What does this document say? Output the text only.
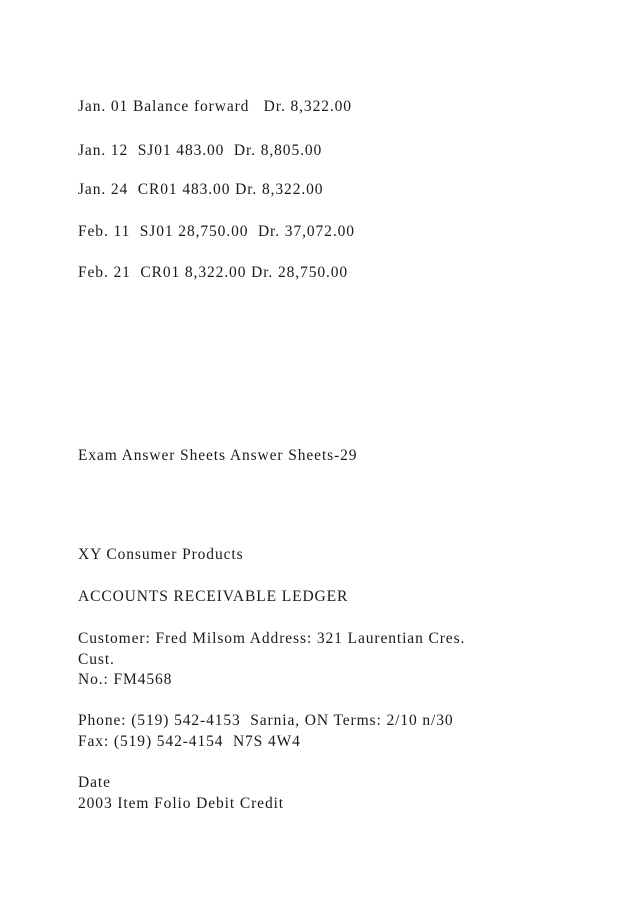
Jan. 01 Balance forward   Dr. 8,322.00

Jan. 12  SJ01 483.00  Dr. 8,805.00

Jan. 24  CR01 483.00 Dr. 8,322.00

Feb. 11  SJ01 28,750.00  Dr. 37,072.00

Feb. 21  CR01 8,322.00 Dr. 28,750.00

Exam Answer Sheets Answer Sheets-29

XY Consumer Products

ACCOUNTS RECEIVABLE LEDGER

Customer: Fred Milsom Address: 321 Laurentian Cres.

Cust.

No.: FM4568

Phone: (519) 542-4153  Sarnia, ON Terms: 2/10 n/30

Fax: (519) 542-4154  N7S 4W4

Date

2003 Item Folio Debit Credit
